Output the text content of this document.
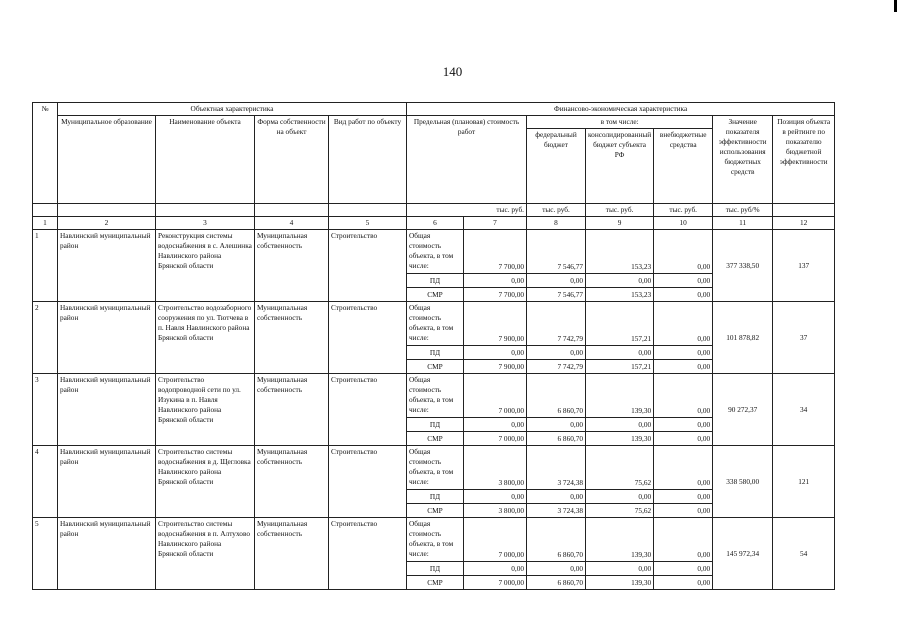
140
№	Объектная характеристика				Финансово-экономическая характеристика						
	Муниципальное образование	Наименование объекта	Форма собственности на объект	Вид работ по объекту	Предельная (плановая) стоимость работ		в том числе:			Значение показателя эффективности использования бюджетных средств	Позиция объекта в рейтинге по показателю бюджетной эффективности
							федеральный бюджет	консолидированный бюджет субъекта РФ	внебюджетные средства		
					тыс. руб.		тыс. руб.	тыс. руб.	тыс. руб.	тыс. руб/%	
1	2	3	4	5	6	7	8	9	10	11	12
1	Навлинский муниципальный район	Реконструкция системы водоснабжения в с. Алешинка Навлинского района Брянской области	Муниципальная собственность	Строительство	Общая стоимость объекта, в том числе:	7 700,00	7 546,77	153,23	0,00	377 338,50	137
					ПД	0,00	0,00	0,00	0,00		
					СМР	7 700,00	7 546,77	153,23	0,00		
2	Навлинский муниципальный район	Строительство водозаборного сооружения по ул. Тютчева в п. Навля Навлинского района Брянской области	Муниципальная собственность	Строительство	Общая стоимость объекта, в том числе:	7 900,00	7 742,79	157,21	0,00	101 878,82	37
					ПД	0,00	0,00	0,00	0,00		
					СМР	7 900,00	7 742,79	157,21	0,00		
3	Навлинский муниципальный район	Строительство водопроводной сети по ул. Изукина в п. Навля Навлинского района Брянской области	Муниципальная собственность	Строительство	Общая стоимость объекта, в том числе:	7 000,00	6 860,70	139,30	0,00	90 272,37	34
					ПД	0,00	0,00	0,00	0,00		
					СМР	7 000,00	6 860,70	139,30	0,00		
4	Навлинский муниципальный район	Строительство системы водоснабжения в д. Щегловка Навлинского района Брянской области	Муниципальная собственность	Строительство	Общая стоимость объекта, в том числе:	3 800,00	3 724,38	75,62	0,00	338 580,00	121
					ПД	0,00	0,00	0,00	0,00		
					СМР	3 800,00	3 724,38	75,62	0,00		
5	Навлинский муниципальный район	Строительство системы водоснабжения в п. Алтухово Навлинского района Брянской области	Муниципальная собственность	Строительство	Общая стоимость объекта, в том числе:	7 000,00	6 860,70	139,30	0,00	145 972,34	54
					ПД	0,00	0,00	0,00	0,00		
					СМР	7 000,00	6 860,70	139,30	0,00		
